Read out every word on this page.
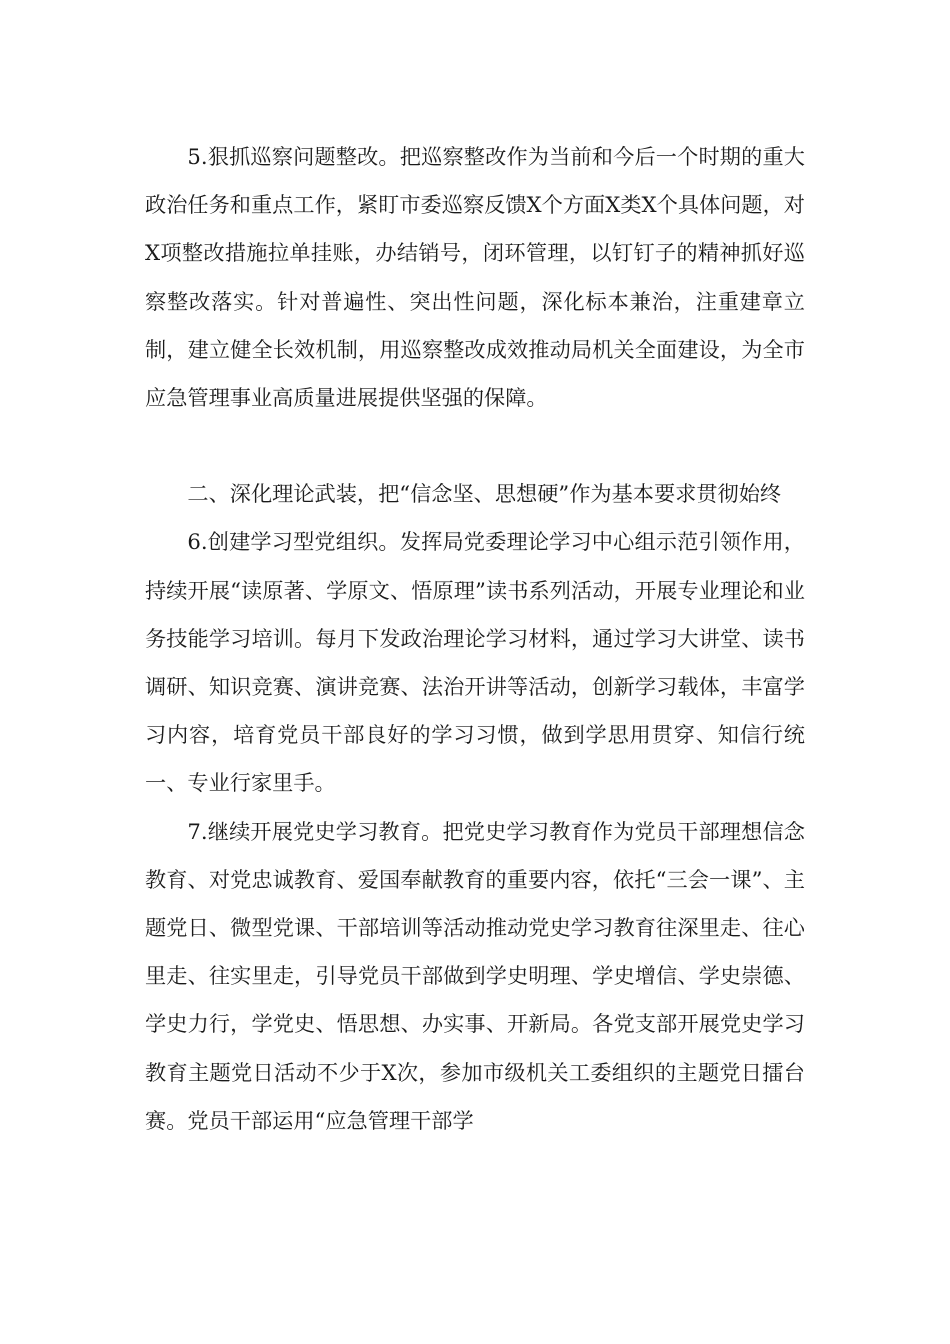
5.狠抓巡察问题整改。把巡察整改作为当前和今后一个时期的重大政治任务和重点工作，紧盯市委巡察反馈X个方面X类X个具体问题，对X项整改措施拉单挂账，办结销号，闭环管理，以钉钉子的精神抓好巡察整改落实。针对普遍性、突出性问题，深化标本兼治，注重建章立制，建立健全长效机制，用巡察整改成效推动局机关全面建设，为全市应急管理事业高质量进展提供坚强的保障。

二、深化理论武装，把“信念坚、思想硬”作为基本要求贯彻始终

6.创建学习型党组织。发挥局党委理论学习中心组示范引领作用，持续开展“读原著、学原文、悟原理”读书系列活动，开展专业理论和业务技能学习培训。每月下发政治理论学习材料，通过学习大讲堂、读书调研、知识竞赛、演讲竞赛、法治开讲等活动，创新学习载体，丰富学习内容，培育党员干部良好的学习习惯，做到学思用贯穿、知信行统一、专业行家里手。

7.继续开展党史学习教育。把党史学习教育作为党员干部理想信念教育、对党忠诚教育、爱国奉献教育的重要内容，依托“三会一课”、主题党日、微型党课、干部培训等活动推动党史学习教育往深里走、往心里走、往实里走，引导党员干部做到学史明理、学史增信、学史崇德、学史力行，学党史、悟思想、办实事、开新局。各党支部开展党史学习教育主题党日活动不少于X次，参加市级机关工委组织的主题党日擂台赛。党员干部运用“应急管理干部学
